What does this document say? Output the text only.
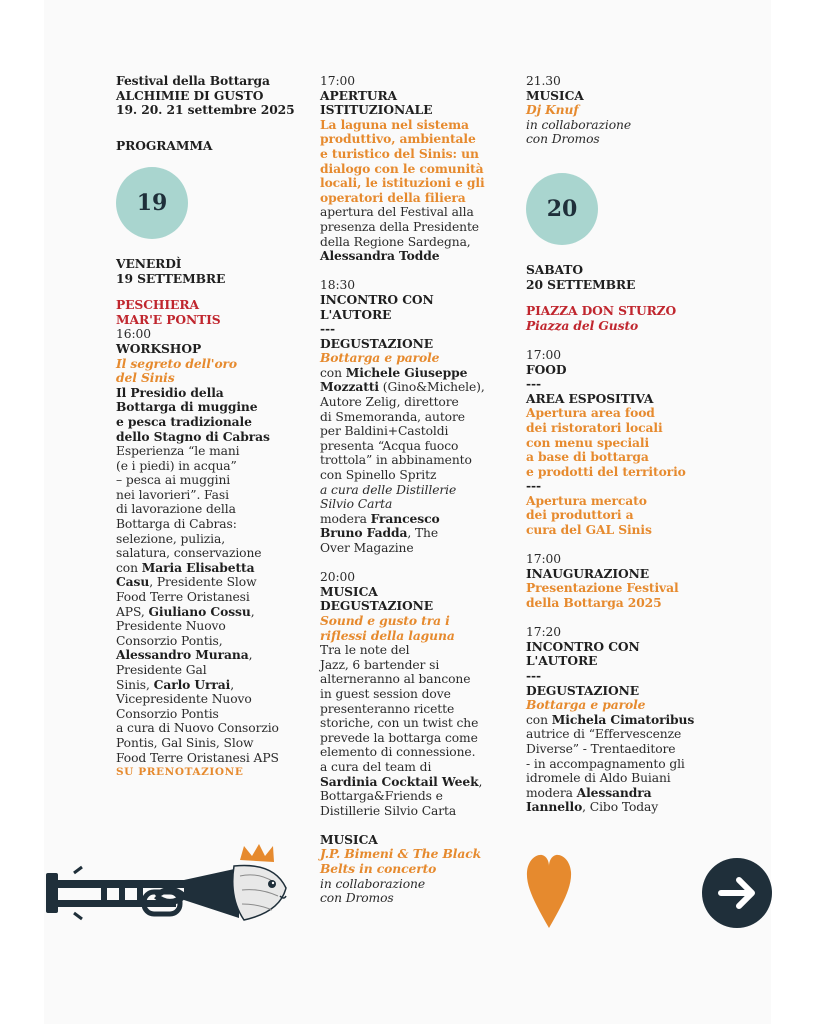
Festival della Bottarga
ALCHIMIE DI GUSTO
19. 20. 21 settembre 2025
PROGRAMMA
19
VENERDÌ
19 SETTEMBRE
PESCHIERA
MAR'E PONTIS
16:00
WORKSHOP
Il segreto dell'oro
del Sinis
Il Presidio della
Bottarga di muggine
e pesca tradizionale
dello Stagno di Cabras
Esperienza “le mani
(e i piedi) in acqua”
– pesca ai muggini
nei lavorieri”. Fasi
di lavorazione della
Bottarga di Cabras:
selezione, pulizia,
salatura, conservazione
con Maria Elisabetta
Casu, Presidente Slow
Food Terre Oristanesi
APS, Giuliano Cossu,
Presidente Nuovo
Consorzio Pontis,
Alessandro Murana,
Presidente Gal
Sinis, Carlo Urrai,
Vicepresidente Nuovo
Consorzio Pontis
a cura di Nuovo Consorzio
Pontis, Gal Sinis, Slow
Food Terre Oristanesi APS
SU PRENOTAZIONE
17:00
APERTURA
ISTITUZIONALE
La laguna nel sistema
produttivo, ambientale
e turistico del Sinis: un
dialogo con le comunità
locali, le istituzioni e gli
operatori della filiera
apertura del Festival alla
presenza della Presidente
della Regione Sardegna,
Alessandra Todde
18:30
INCONTRO CON
L'AUTORE
---
DEGUSTAZIONE
Bottarga e parole
con Michele Giuseppe
Mozzatti (Gino&Michele),
Autore Zelig, direttore
di Smemoranda, autore
per Baldini+Castoldi
presenta “Acqua fuoco
trottola” in abbinamento
con Spinello Spritz
a cura delle Distillerie
Silvio Carta
modera Francesco
Bruno Fadda, The
Over Magazine
20:00
MUSICA
DEGUSTAZIONE
Sound e gusto tra i
riflessi della laguna
Tra le note del
Jazz, 6 bartender si
alterneranno al bancone
in guest session dove
presenteranno ricette
storiche, con un twist che
prevede la bottarga come
elemento di connessione.
a cura del team di
Sardinia Cocktail Week,
Bottarga&Friends e
Distillerie Silvio Carta
MUSICA
J.P. Bimeni & The Black
Belts in concerto
in collaborazione
con Dromos
21.30
MUSICA
Dj Knuf
in collaborazione
con Dromos
20
SABATO
20 SETTEMBRE
PIAZZA DON STURZO
Piazza del Gusto
17:00
FOOD
---
AREA ESPOSITIVA
Apertura area food
dei ristoratori locali
con menu speciali
a base di bottarga
e prodotti del territorio
---
Apertura mercato
dei produttori a
cura del GAL Sinis
17:00
INAUGURAZIONE
Presentazione Festival
della Bottarga 2025
17:20
INCONTRO CON
L'AUTORE
---
DEGUSTAZIONE
Bottarga e parole
con Michela Cimatoribus
autrice di “Effervescenze
Diverse” - Trentaeditore
- in accompagnamento gli
idromele di Aldo Buiani
modera Alessandra
Iannello, Cibo Today
